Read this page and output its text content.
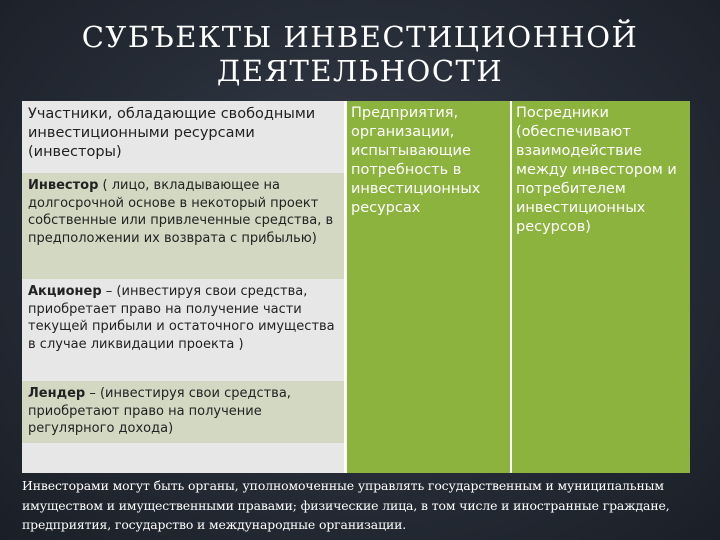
СУБЪЕКТЫ ИНВЕСТИЦИОННОЙ
ДЕЯТЕЛЬНОСТИ
Участники, обладающие свободными инвестиционными ресурсами (инвесторы)
Инвестор ( лицо, вкладывающее на долгосрочной основе в некоторый проект собственные или привлеченные средства, в предположении их возврата с прибылью)
Акционер – (инвестируя свои средства, приобретает право на получение части текущей прибыли и остаточного имущества в случае ликвидации проекта )
Лендер – (инвестируя свои средства, приобретают право на получение регулярного дохода)
Предприятия, организации, испытывающие потребность в инвестиционных ресурсах
Посредники (обеспечивают взаимодействие между инвестором и потребителем инвестиционных ресурсов)
Инвесторами могут быть органы, уполномоченные управлять государственным и муниципальным имуществом и имущественными правами; физические лица, в том числе и иностранные граждане, предприятия, государство и международные организации.
